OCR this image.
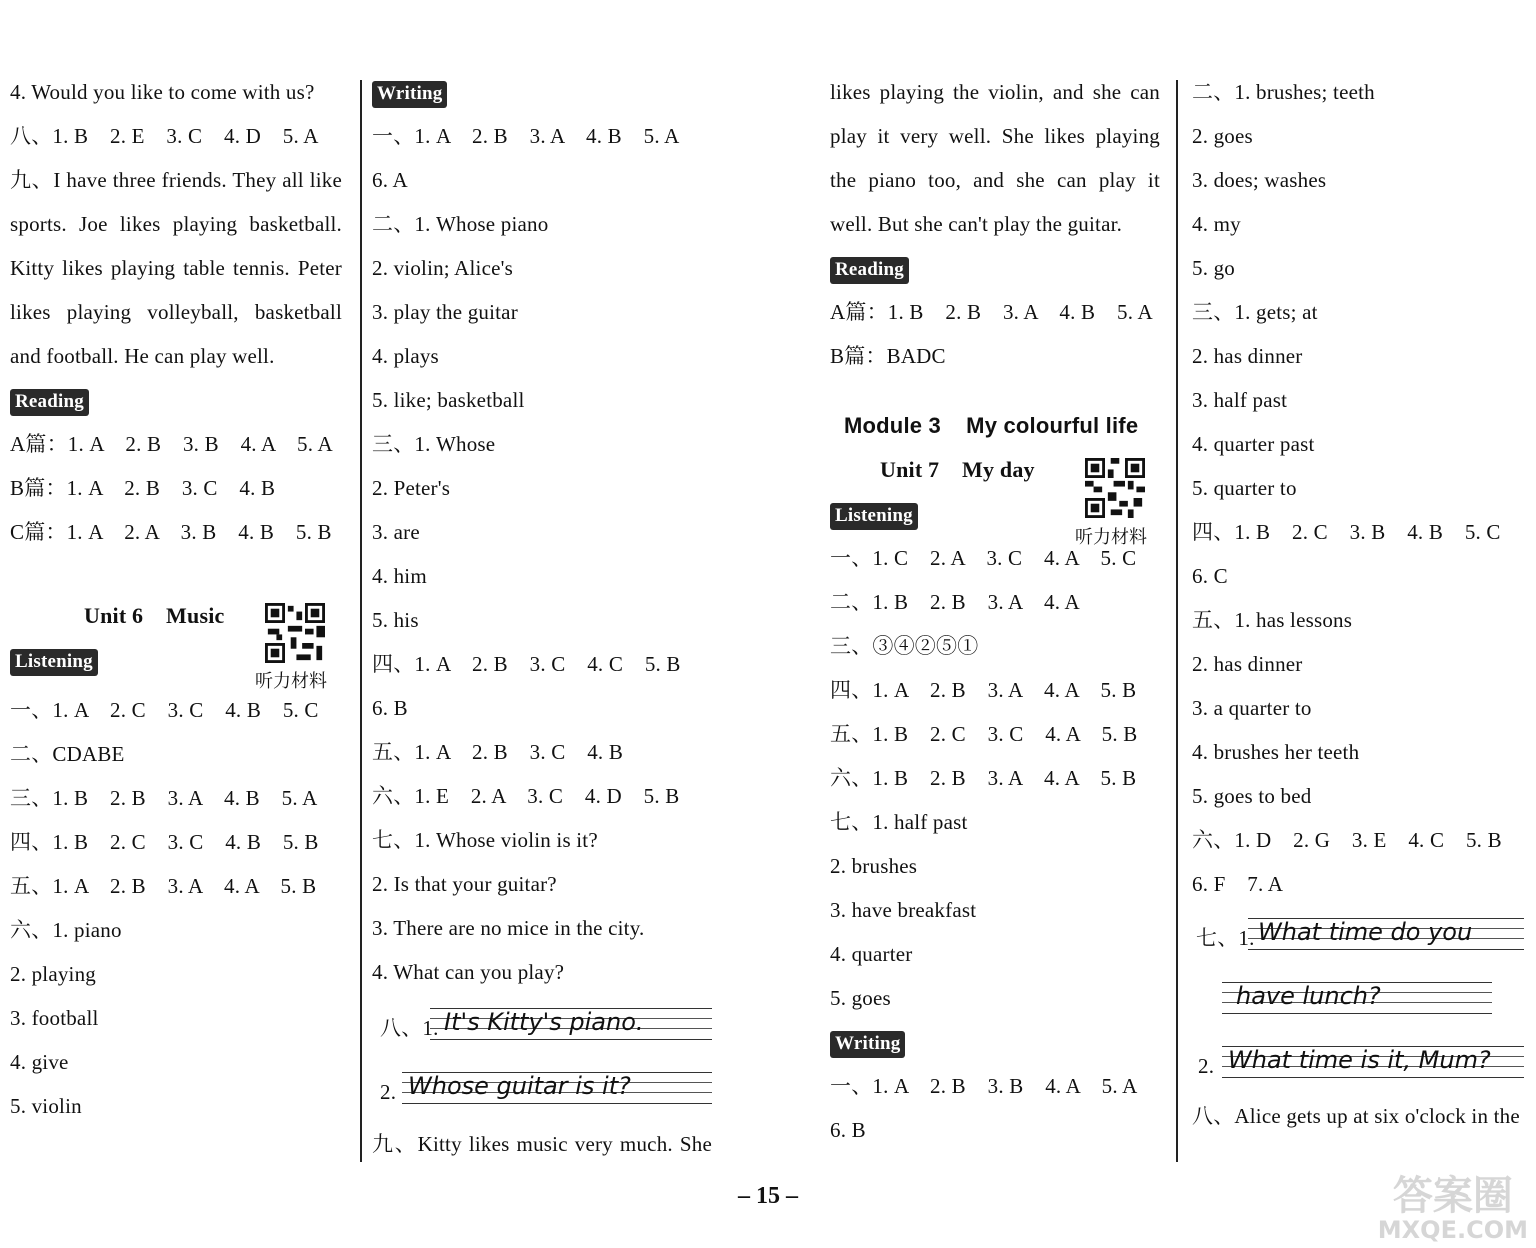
4. Would you like to come with us?
八、1. B    2. E    3. C    4. D    5. A
九、I have three friends. They all like
sports. Joe likes playing basketball.
Kitty likes playing table tennis. Peter
likes playing volleyball, basketball
and football. He can play well.
Reading
A篇：1. A    2. B    3. B    4. A    5. A
B篇：1. A    2. B    3. C    4. B
C篇：1. A    2. A    3. B    4. B    5. B
Unit 6    Music
Listening
一、1. A    2. C    3. C    4. B    5. C
二、CDABE
三、1. B    2. B    3. A    4. B    5. A
四、1. B    2. C    3. C    4. B    5. B
五、1. A    2. B    3. A    4. A    5. B
六、1. piano
2. playing
3. football
4. give
5. violin
听力材料
Writing
一、1. A    2. B    3. A    4. B    5. A
6. A
二、1. Whose piano
2. violin; Alice's
3. play the guitar
4. plays
5. like; basketball
三、1. Whose
2. Peter's
3. are
4. him
5. his
四、1. A    2. B    3. C    4. C    5. B
6. B
五、1. A    2. B    3. C    4. B
六、1. E    2. A    3. C    4. D    5. B
七、1. Whose violin is it?
2. Is that your guitar?
3. There are no mice in the city.
4. What can you play?
八、1. It's Kitty's piano.
2. Whose guitar is it?
九、Kitty likes music very much. She
likes playing the violin, and she can
play it very well. She likes playing
the piano too, and she can play it
well. But she can't play the guitar.
Reading
A篇：1. B    2. B    3. A    4. B    5. A
B篇：BADC
Module 3    My colourful life
Unit 7    My day
Listening
一、1. C    2. A    3. C    4. A    5. C
二、1. B    2. B    3. A    4. A
三、③④②⑤①
四、1. A    2. B    3. A    4. A    5. B
五、1. B    2. C    3. C    4. A    5. B
六、1. B    2. B    3. A    4. A    5. B
七、1. half past
2. brushes
3. have breakfast
4. quarter
5. goes
Writing
一、1. A    2. B    3. B    4. A    5. A
6. B
听力材料
二、1. brushes; teeth
2. goes
3. does; washes
4. my
5. go
三、1. gets; at
2. has dinner
3. half past
4. quarter past
5. quarter to
四、1. B    2. C    3. B    4. B    5. C
6. C
五、1. has lessons
2. has dinner
3. a quarter to
4. brushes her teeth
5. goes to bed
六、1. D    2. G    3. E    4. C    5. B
6. F    7. A
七、1. What time do you
have lunch?
2. What time is it, Mum?
八、Alice gets up at six o'clock in the
– 15 –	答案圈
MXQE.COM
